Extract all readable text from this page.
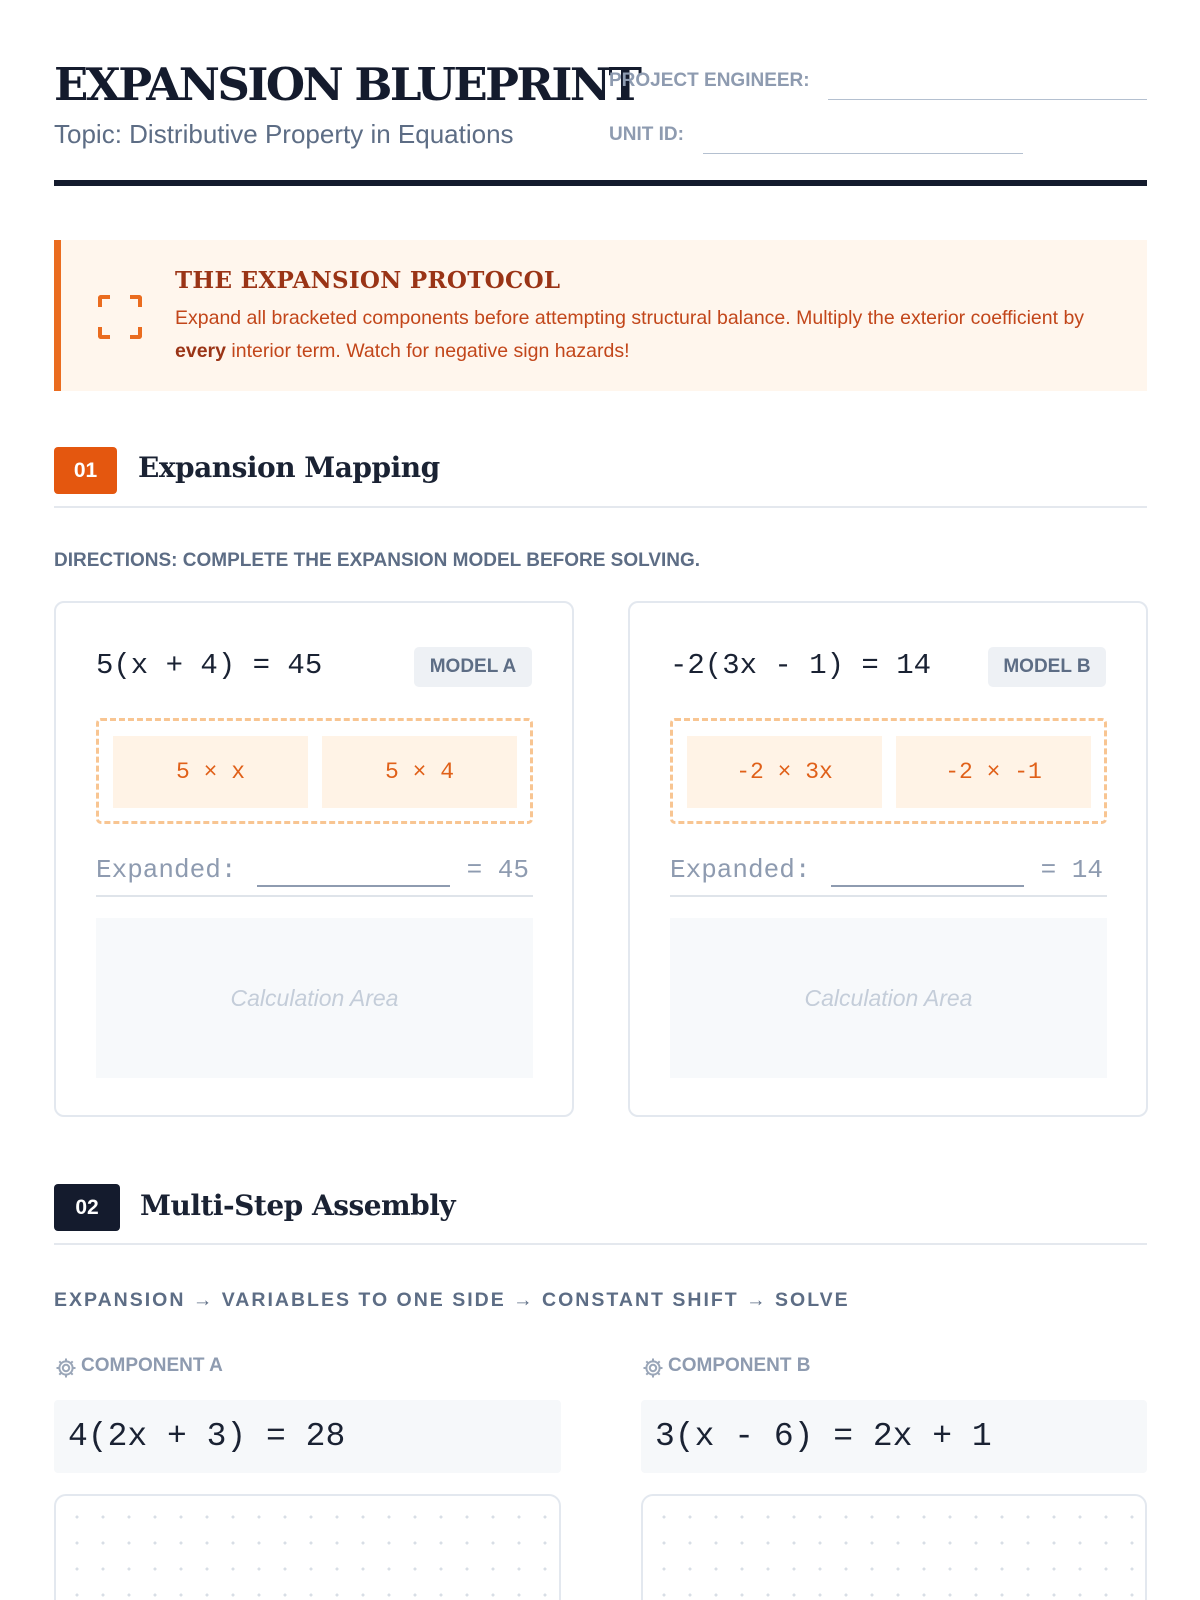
EXPANSION BLUEPRINT
Topic: Distributive Property in Equations
PROJECT ENGINEER:
UNIT ID:
THE EXPANSION PROTOCOL
Expand all bracketed components before attempting structural balance. Multiply the exterior coefficient by every interior term. Watch for negative sign hazards!
01	Expansion Mapping
DIRECTIONS: COMPLETE THE EXPANSION MODEL BEFORE SOLVING.
5(x + 4) = 45	MODEL A
5 × x	5 × 4
Expanded:	= 45
Calculation Area
-2(3x - 1) = 14	MODEL B
-2 × 3x	-2 × -1
Expanded:	= 14
Calculation Area
02	Multi-Step Assembly
EXPANSION → VARIABLES TO ONE SIDE → CONSTANT SHIFT → SOLVE
COMPONENT A
4(2x + 3) = 28
COMPONENT B
3(x - 6) = 2x + 1
